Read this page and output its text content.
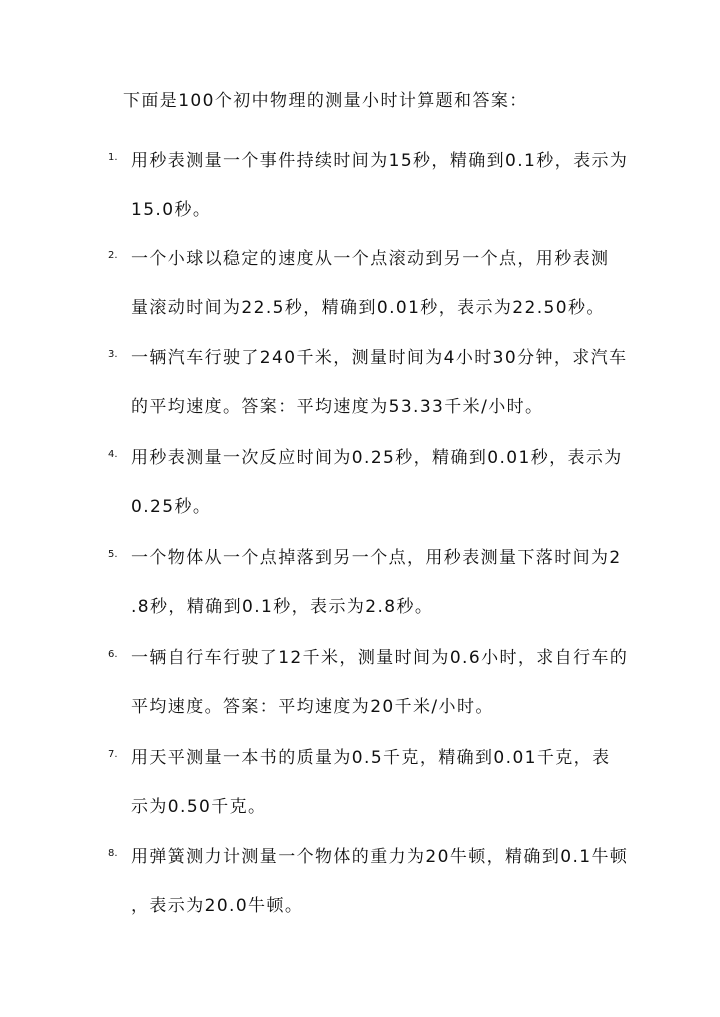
下面是100个初中物理的测量小时计算题和答案：
1. 用秒表测量一个事件持续时间为15秒，精确到0.1秒，表示为
15.0秒。
2. 一个小球以稳定的速度从一个点滚动到另一个点，用秒表测
量滚动时间为22.5秒，精确到0.01秒，表示为22.50秒。
3. 一辆汽车行驶了240千米，测量时间为4小时30分钟，求汽车
的平均速度。答案：平均速度为53.33千米/小时。
4. 用秒表测量一次反应时间为0.25秒，精确到0.01秒，表示为
0.25秒。
5. 一个物体从一个点掉落到另一个点，用秒表测量下落时间为2
.8秒，精确到0.1秒，表示为2.8秒。
6. 一辆自行车行驶了12千米，测量时间为0.6小时，求自行车的
平均速度。答案：平均速度为20千米/小时。
7. 用天平测量一本书的质量为0.5千克，精确到0.01千克，表
示为0.50千克。
8. 用弹簧测力计测量一个物体的重力为20牛顿，精确到0.1牛顿
，表示为20.0牛顿。
